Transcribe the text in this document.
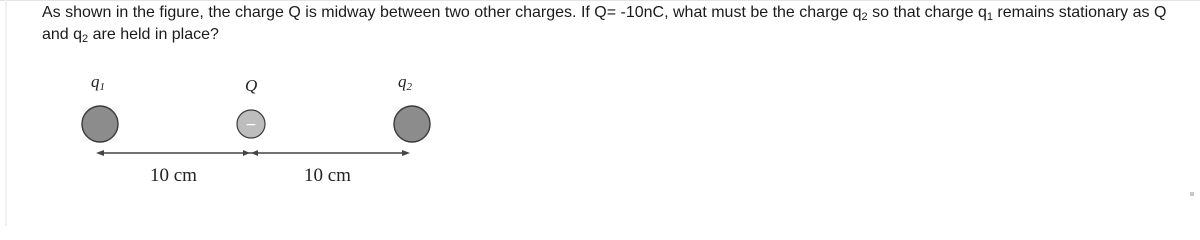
As shown in the figure, the charge Q is midway between two other charges. If Q= -10nC, what must be the charge $q_2$ so that charge $q_1$ remains stationary as Q and $q_2$ are held in place?

q1	Q
−
q2
10 cm	10 cm
